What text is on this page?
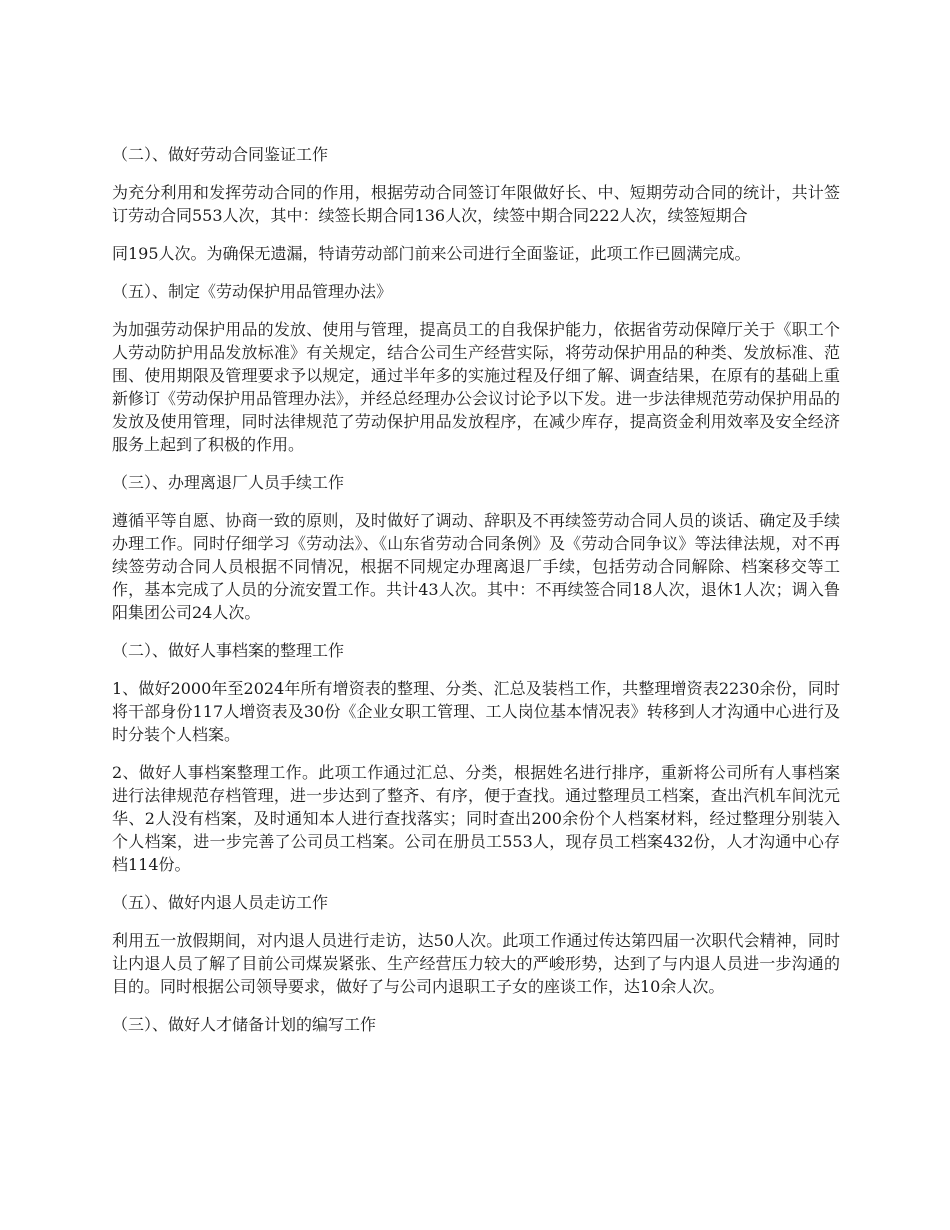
（二）、做好劳动合同鉴证工作

为充分利用和发挥劳动合同的作用，根据劳动合同签订年限做好长、中、短期劳动合同的统计，共计签订劳动合同553人次，其中：续签长期合同136人次，续签中期合同222人次，续签短期合

同195人次。为确保无遗漏，特请劳动部门前来公司进行全面鉴证，此项工作已圆满完成。

（五）、制定《劳动保护用品管理办法》

为加强劳动保护用品的发放、使用与管理，提高员工的自我保护能力，依据省劳动保障厅关于《职工个人劳动防护用品发放标准》有关规定，结合公司生产经营实际，将劳动保护用品的种类、发放标准、范围、使用期限及管理要求予以规定，通过半年多的实施过程及仔细了解、调查结果，在原有的基础上重新修订《劳动保护用品管理办法》，并经总经理办公会议讨论予以下发。进一步法律规范劳动保护用品的发放及使用管理，同时法律规范了劳动保护用品发放程序，在减少库存，提高资金利用效率及安全经济服务上起到了积极的作用。

（三）、办理离退厂人员手续工作

遵循平等自愿、协商一致的原则，及时做好了调动、辞职及不再续签劳动合同人员的谈话、确定及手续办理工作。同时仔细学习《劳动法》、《山东省劳动合同条例》及《劳动合同争议》等法律法规，对不再续签劳动合同人员根据不同情况，根据不同规定办理离退厂手续，包括劳动合同解除、档案移交等工作，基本完成了人员的分流安置工作。共计43人次。其中：不再续签合同18人次，退休1人次；调入鲁阳集团公司24人次。

（二）、做好人事档案的整理工作

1、做好2000年至2024年所有增资表的整理、分类、汇总及装档工作，共整理增资表2230余份，同时将干部身份117人增资表及30份《企业女职工管理、工人岗位基本情况表》转移到人才沟通中心进行及时分装个人档案。

2、做好人事档案整理工作。此项工作通过汇总、分类，根据姓名进行排序，重新将公司所有人事档案进行法律规范存档管理，进一步达到了整齐、有序，便于查找。通过整理员工档案，查出汽机车间沈元华、2人没有档案，及时通知本人进行查找落实；同时查出200余份个人档案材料，经过整理分别装入个人档案，进一步完善了公司员工档案。公司在册员工553人，现存员工档案432份，人才沟通中心存档114份。

（五）、做好内退人员走访工作

利用五一放假期间，对内退人员进行走访，达50人次。此项工作通过传达第四届一次职代会精神，同时让内退人员了解了目前公司煤炭紧张、生产经营压力较大的严峻形势，达到了与内退人员进一步沟通的目的。同时根据公司领导要求，做好了与公司内退职工子女的座谈工作，达10余人次。

（三）、做好人才储备计划的编写工作
